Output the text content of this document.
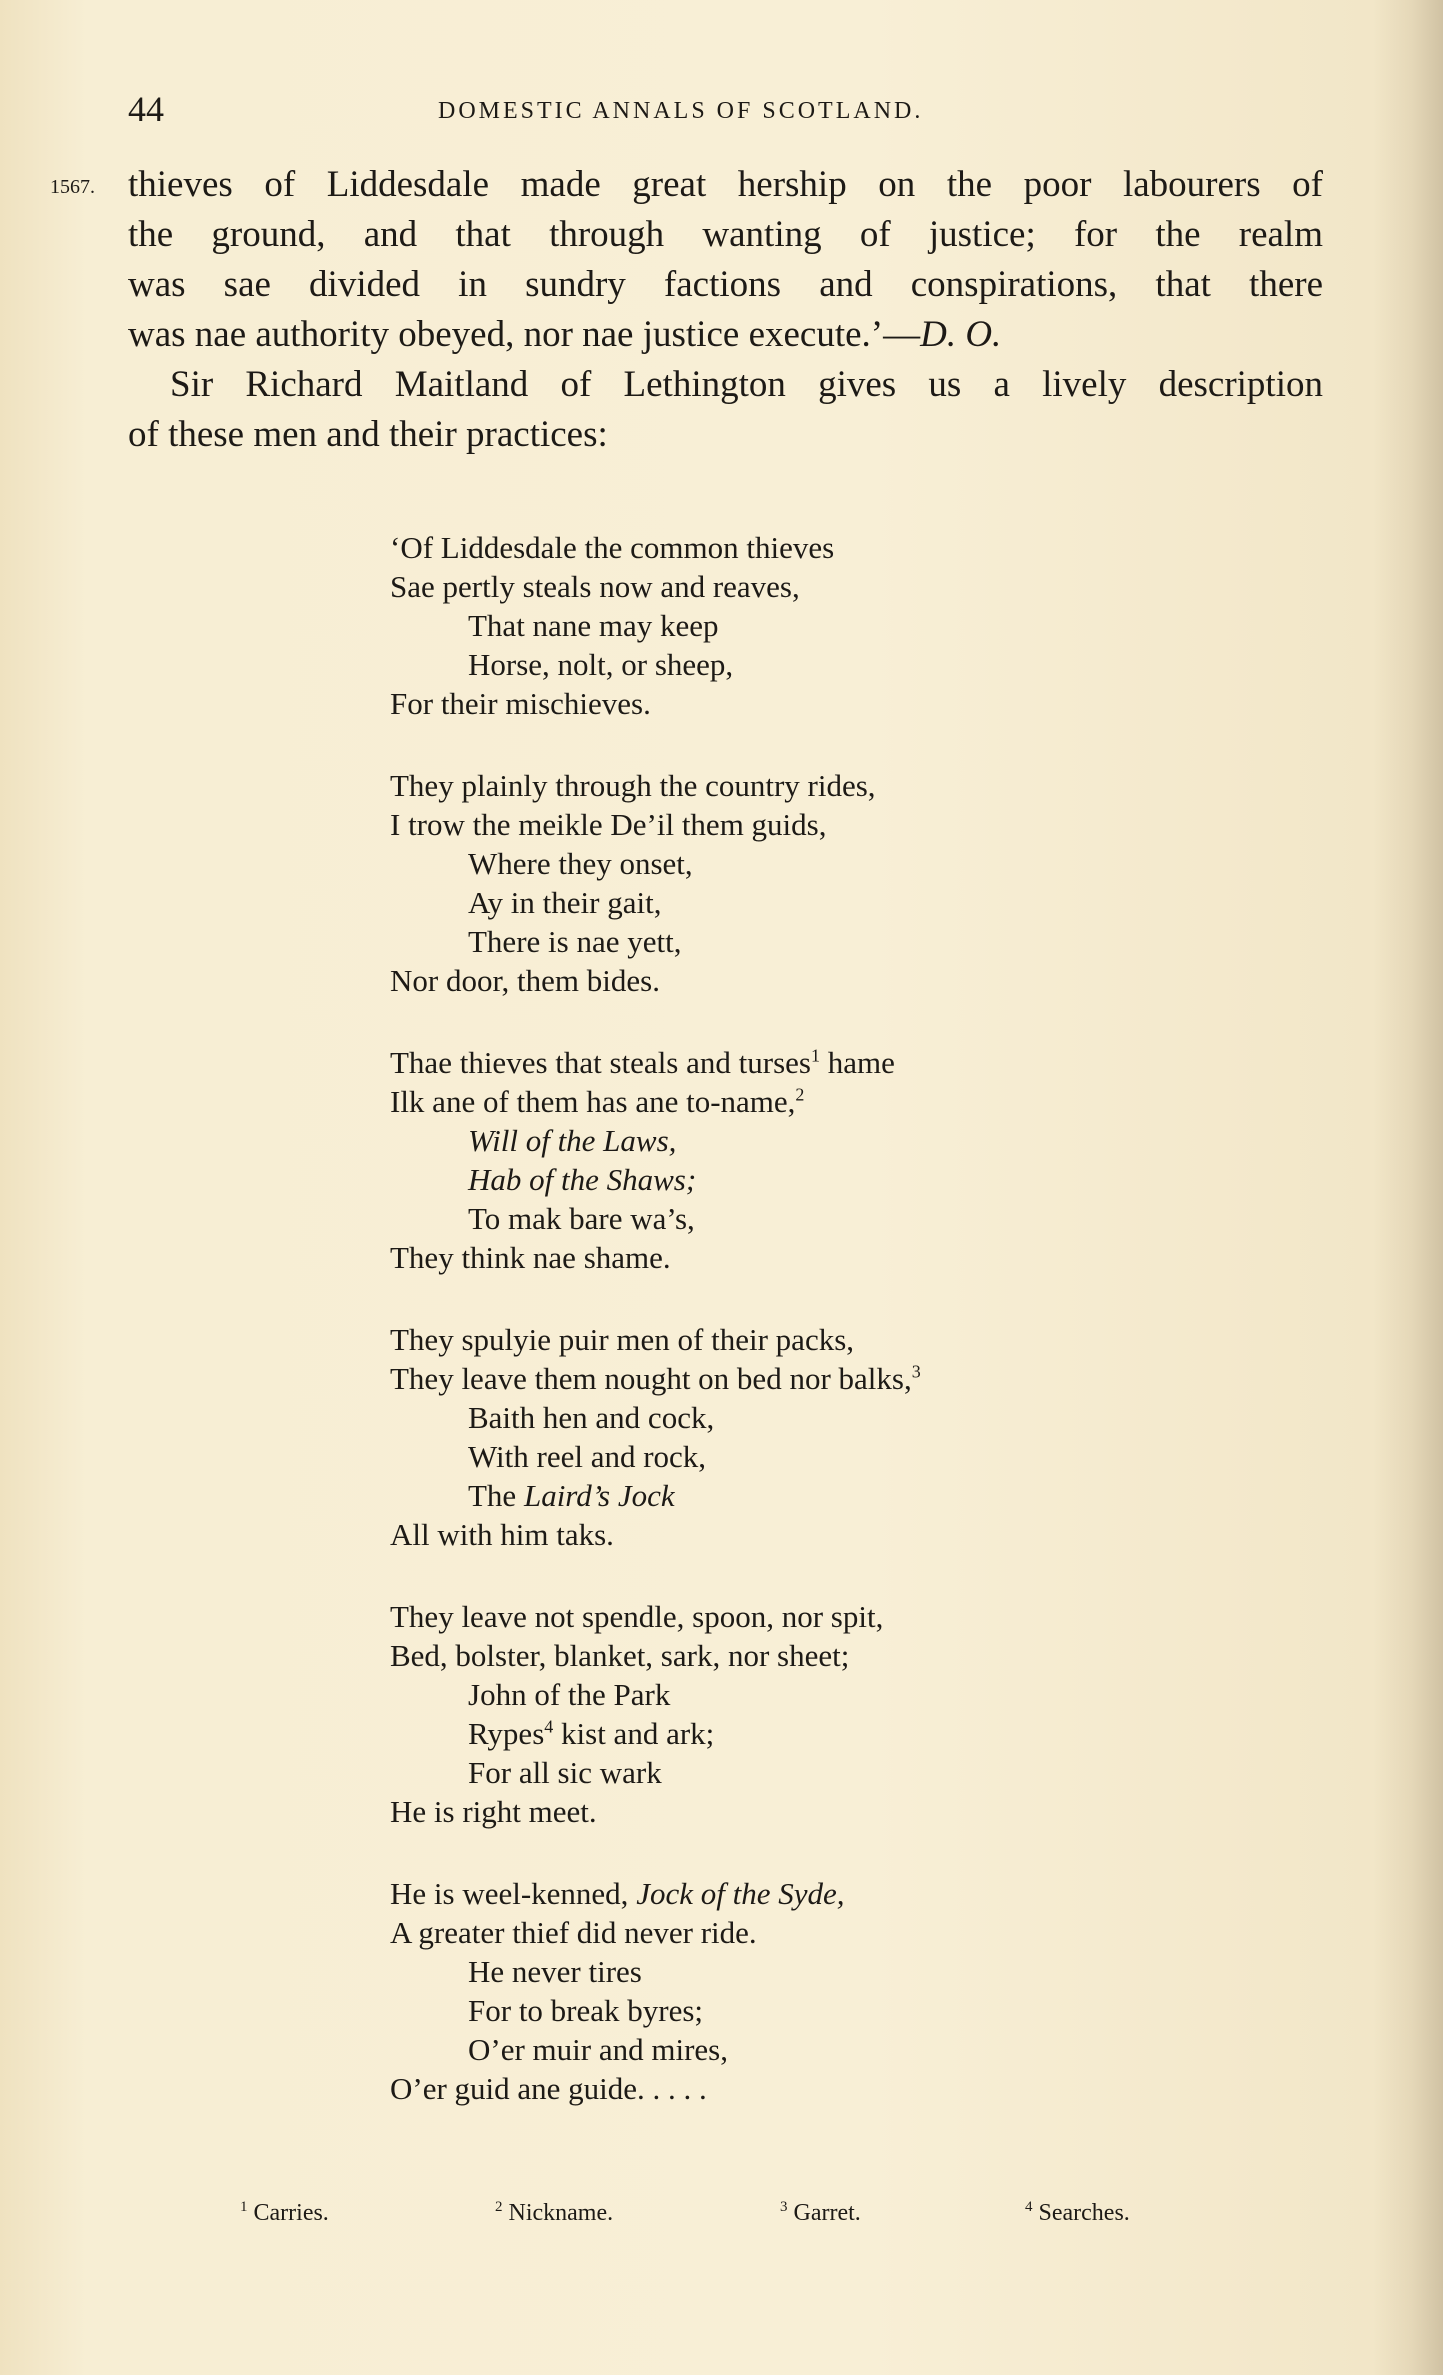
44	DOMESTIC ANNALS OF SCOTLAND.
1567. thieves of Liddesdale made great hership on the poor labourers of
the ground, and that through wanting of justice; for the realm
was sae divided in sundry factions and conspirations, that there
was nae authority obeyed, nor nae justice execute.’—D. O.
Sir Richard Maitland of Lethington gives us a lively description
of these men and their practices:
‘Of Liddesdale the common thieves
Sae pertly steals now and reaves,
That nane may keep
Horse, nolt, or sheep,
For their mischieves.
They plainly through the country rides,
I trow the meikle De’il them guids,
Where they onset,
Ay in their gait,
There is nae yett,
Nor door, them bides.
Thae thieves that steals and turses$^1$ hame
Ilk ane of them has ane to-name,$^2$
Will of the Laws,
Hab of the Shaws;
To mak bare wa’s,
They think nae shame.
They spulyie puir men of their packs,
They leave them nought on bed nor balks,$^3$
Baith hen and cock,
With reel and rock,
The Laird’s Jock
All with him taks.
They leave not spendle, spoon, nor spit,
Bed, bolster, blanket, sark, nor sheet;
John of the Park
Rypes$^4$ kist and ark;
For all sic wark
He is right meet.
He is weel-kenned, Jock of the Syde,
A greater thief did never ride.
He never tires
For to break byres;
O’er muir and mires,
O’er guid ane guide. . . . .
$^1$ Carries.	$^2$ Nickname.	$^3$ Garret.	$^4$ Searches.
